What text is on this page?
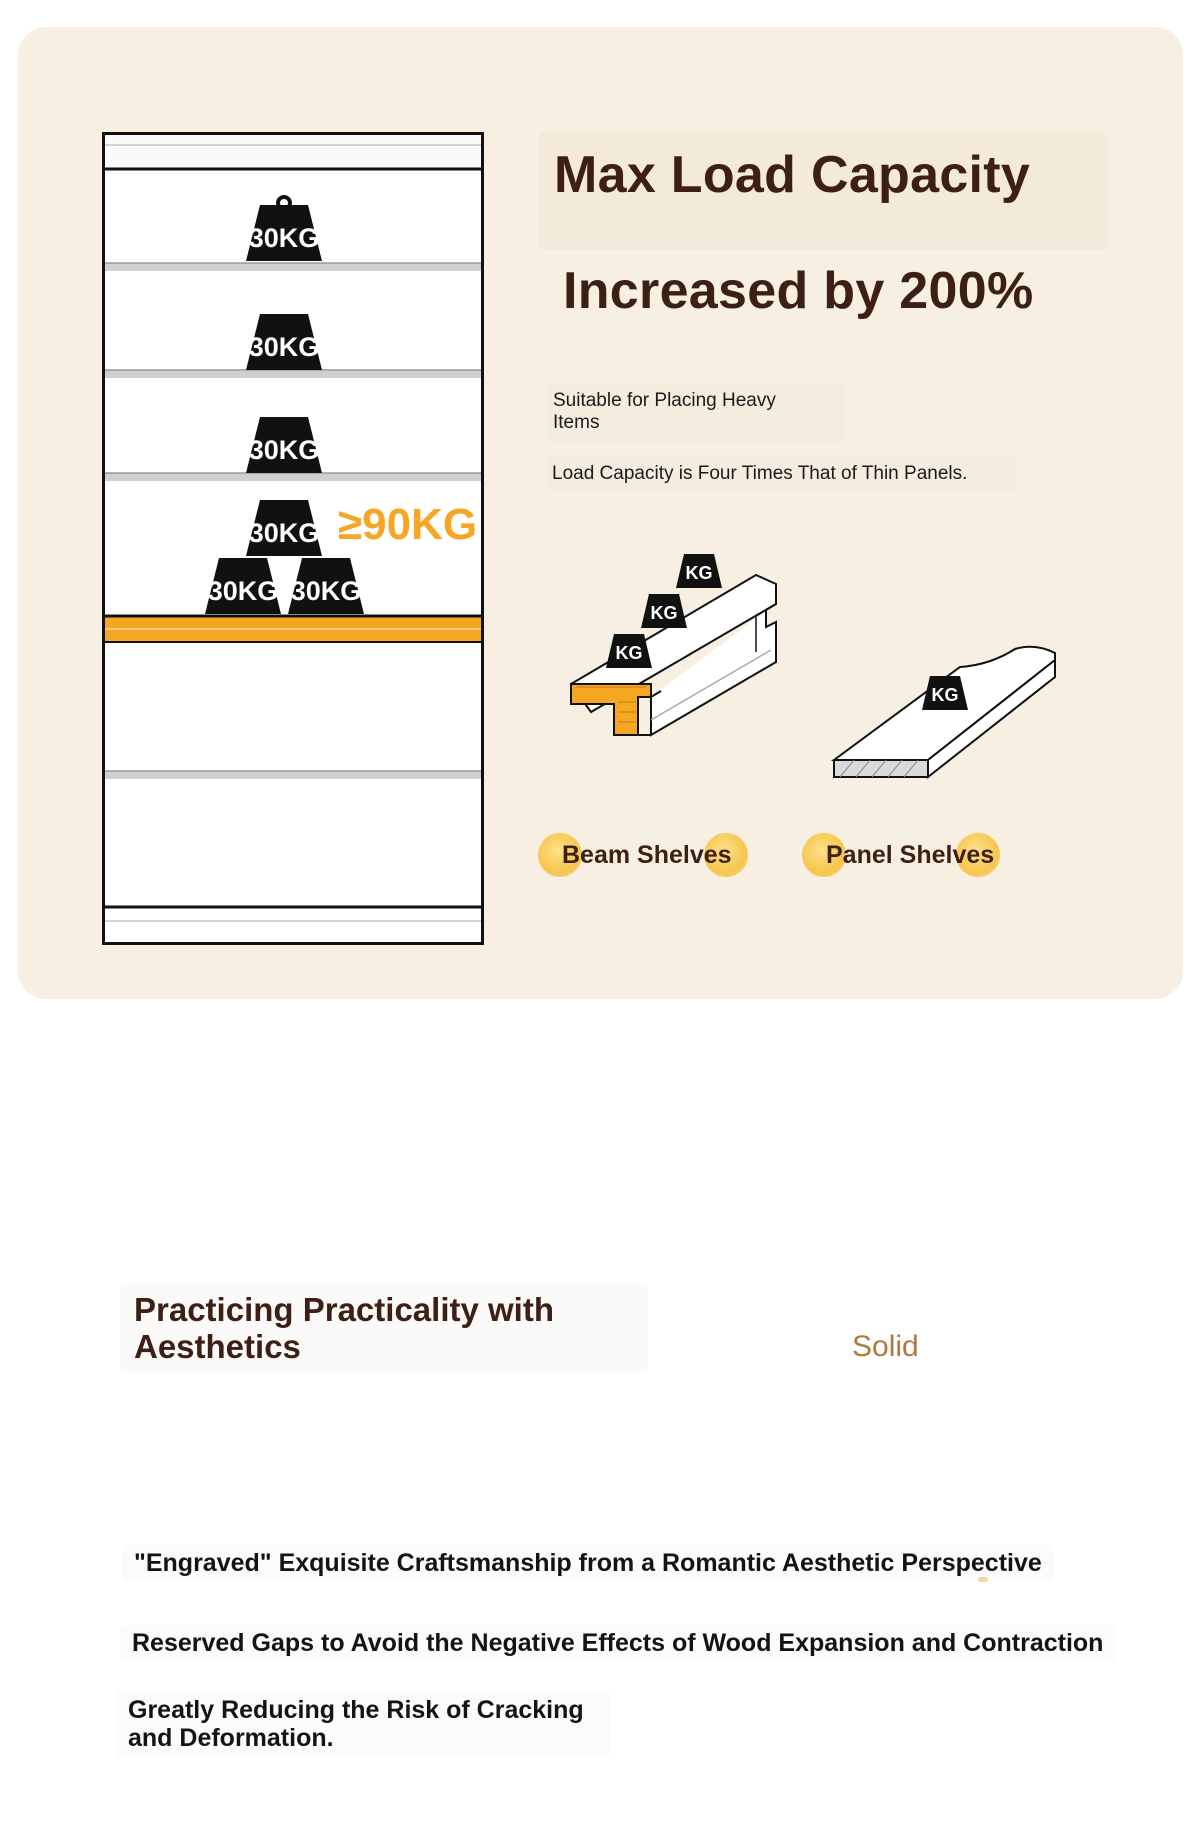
30KG
30KG
30KG
30KG
30KG 30KG
≥90KG
Max Load Capacity
Increased by 200%
Suitable for Placing Heavy Items
Load Capacity is Four Times That of Thin Panels.
KG
KG
KG
KG
Beam Shelves	Panel Shelves
Practicing Practicality with Aesthetics	Solid
"Engraved" Exquisite Craftsmanship from a Romantic Aesthetic Perspective
Reserved Gaps to Avoid the Negative Effects of Wood Expansion and Contraction
Greatly Reducing the Risk of Cracking and Deformation.
